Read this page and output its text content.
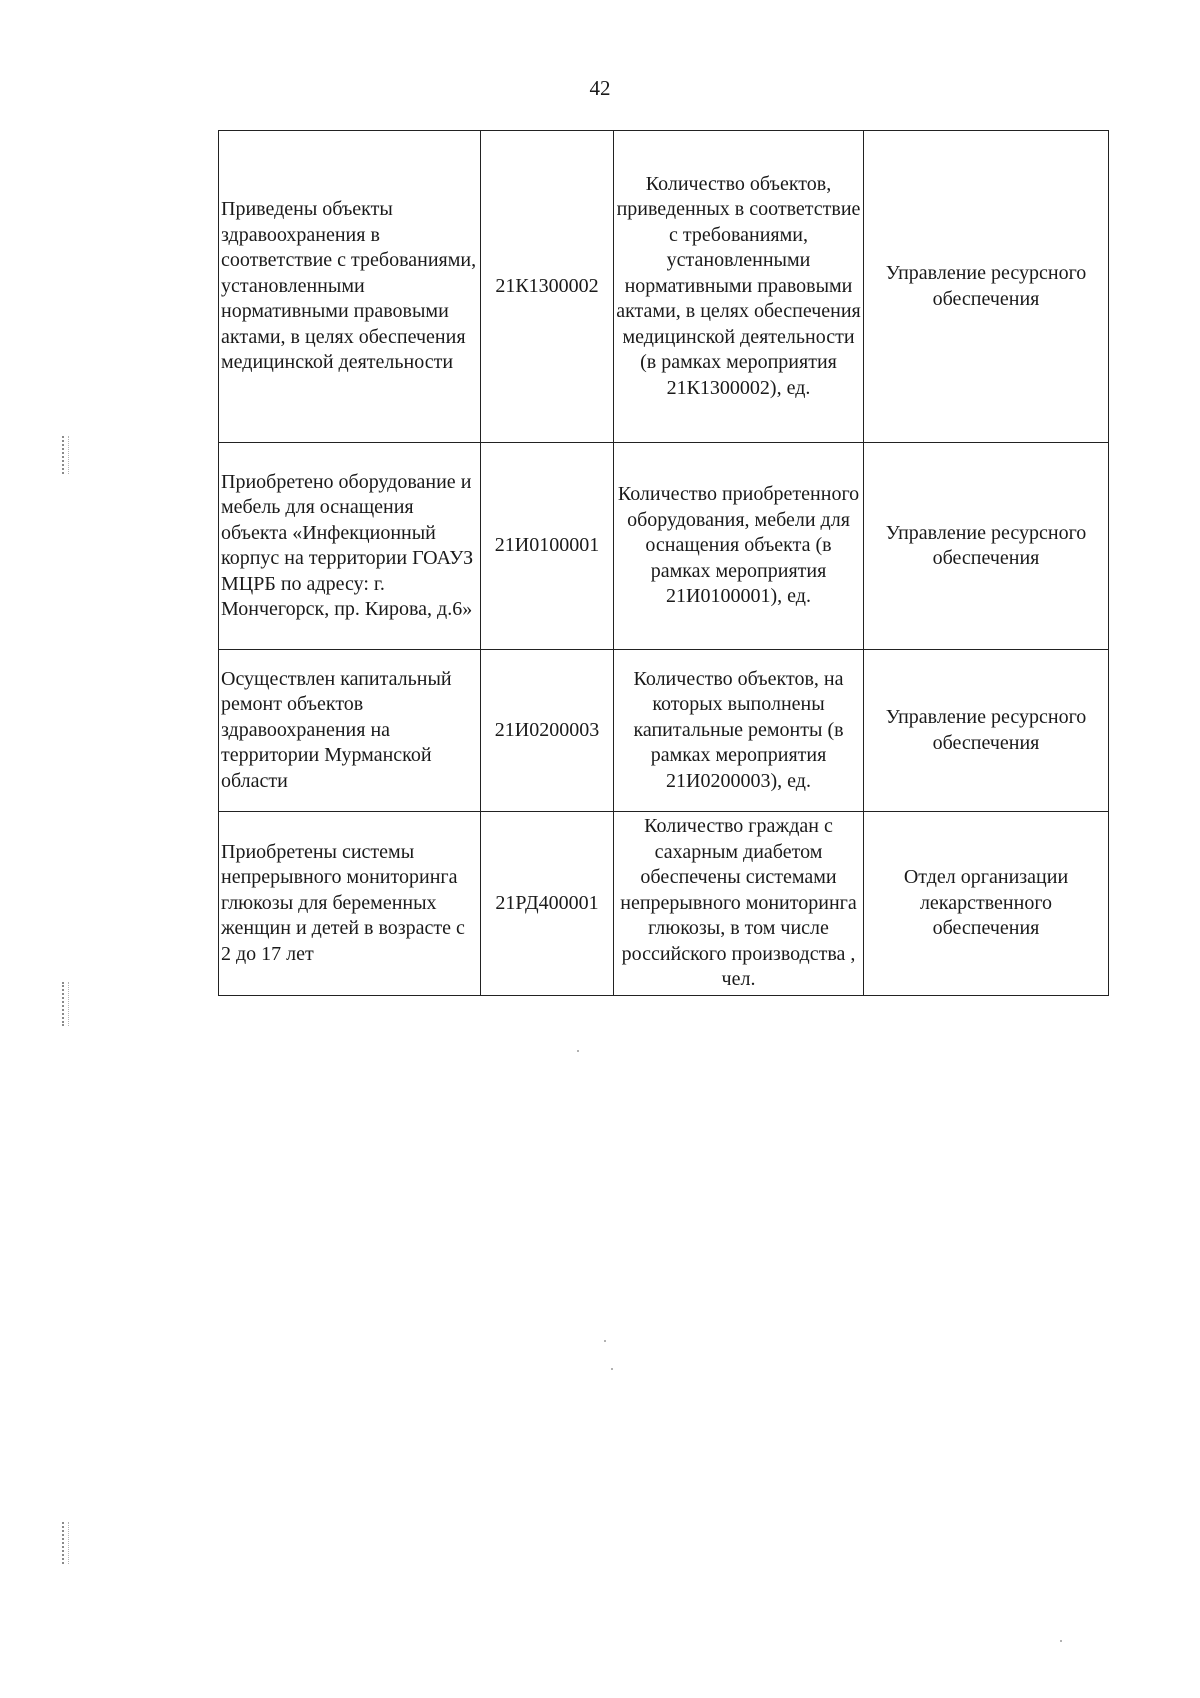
42
Приведены объекты здравоохранения в соответствие с требованиями, установленными нормативными правовыми актами, в целях обеспечения медицинской деятельности	21К1300002	Количество объектов, приведенных в соответствие с требованиями, установленными нормативными правовыми актами, в целях обеспечения медицинской деятельности (в рамках мероприятия 21К1300002), ед.	Управление ресурсного обеспечения
Приобретено оборудование и мебель для оснащения объекта «Инфекционный корпус на территории ГОАУЗ МЦРБ по адресу: г. Мончегорск, пр. Кирова, д.6»	21И0100001	Количество приобретенного оборудования, мебели для оснащения объекта (в рамках мероприятия 21И0100001), ед.	Управление ресурсного обеспечения
Осуществлен капитальный ремонт объектов здравоохранения на территории Мурманской области	21И0200003	Количество объектов, на которых выполнены капитальные ремонты (в рамках мероприятия 21И0200003), ед.	Управление ресурсного обеспечения
Приобретены системы непрерывного мониторинга глюкозы для беременных женщин и детей в возрасте с 2 до 17 лет	21РД400001	Количество граждан с сахарным диабетом обеспечены системами непрерывного мониторинга глюкозы, в том числе российского производства , чел.	Отдел организации лекарственного обеспечения
